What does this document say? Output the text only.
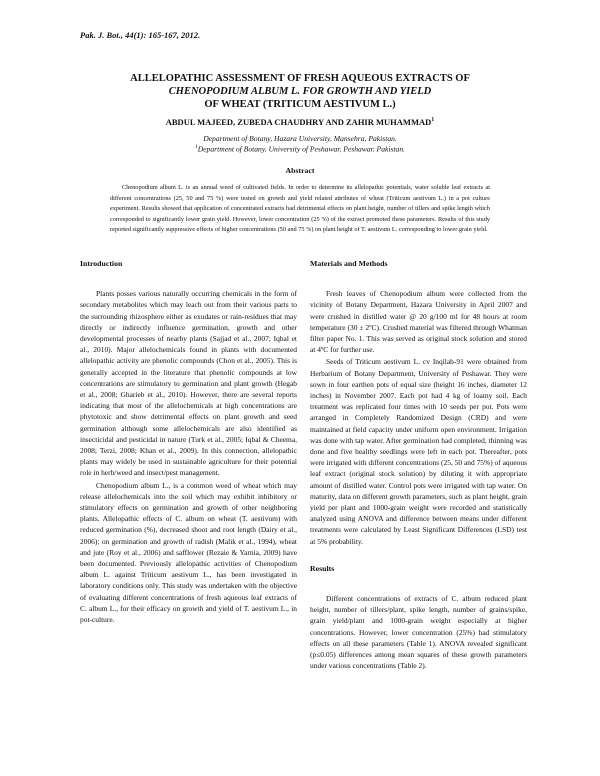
Pak. J. Bot., 44(1): 165-167, 2012.
ALLELOPATHIC ASSESSMENT OF FRESH AQUEOUS EXTRACTS OF
CHENOPODIUM ALBUM L. FOR GROWTH AND YIELD
OF WHEAT (TRITICUM AESTIVUM L.)
ABDUL MAJEED, ZUBEDA CHAUDHRY AND ZAHIR MUHAMMAD$^1$
Department of Botany, Hazara University, Mansehra, Pakistan.
$^1$Department of Botany, University of Peshawar, Peshawar, Pakistan.
Abstract
Chenopodium album L. is an annual weed of cultivated fields. In order to determine its allelopathic potentials, water soluble leaf extracts at different concentrations (25, 50 and 75 %) were tested on growth and yield related attributes of wheat (Triticum aestivum L.) in a pot culture experiment. Results showed that application of concentrated extracts had detrimental effects on plant height, number of tillers and spike length which corresponded to significantly lower grain yield. However, lower concentration (25 %) of the extract promoted these parameters. Results of this study reported significantly suppressive effects of higher concentrations (50 and 75 %) on plant height of T. aestivum L. corresponding to lower grain yield.
Introduction

Plants posses various naturally occurring chemicals in the form of secondary metabolites which may leach out from their various parts to the surrounding rhizosphere either as exudates or rain-residues that may directly or indirectly influence germination, growth and other developmental processes of nearby plants (Sajjad et al., 2007; Iqbal et al., 2010). Major allelochemicals found in plants with documented allelopathic activity are phenolic compounds (Chon et al., 2005). This is generally accepted in the literature that phenolic compounds at low concentrations are stimulatory to germination and plant growth (Hegab et al., 2008; Gharieb et al., 2010). However, there are several reports indicating that most of the allelochemicals at high concentrations are phytotoxic and show detrimental effects on plant growth and seed germination although some allelochemicals are also identified as insecticidal and pesticidal in nature (Turk et al., 2005; Iqbal & Cheema, 2008; Terzi, 2008; Khan et al., 2009). In this connection, allelopathic plants may widely be used in sustainable agriculture for their potential role in herb/weed and insect/pest management.

Chenopodium album L., is a common weed of wheat which may release allelochemicals into the soil which may exhibit inhibitory or stimulatory effects on germination and growth of other neighboring plants. Allelopathic effects of C. album on wheat (T. aestivum) with reduced germination (%), decreased shoot and root length (Dairy et al., 2006); on germination and growth of radish (Malik et al., 1994), wheat and jute (Roy et al., 2006) and safflower (Rezaie & Yarnia, 2009) have been documented. Previously allelopathic activities of Chenopodium album L. against Triticum aestivum L., has been investigated in laboratory conditions only. This study was undertaken with the objective of evaluating different concentrations of fresh aqueous leaf extracts of C. album L., for their efficacy on growth and yield of T. aestivum L., in pot-culture.

Materials and Methods

Fresh leaves of Chenopodium album were collected from the vicinity of Botany Department, Hazara University in April 2007 and were crushed in distilled water @ 20 g/100 ml for 48 hours at room temperature (30 ± 2ºC). Crushed material was filtered through Whatman filter paper No. 1. This was served as original stock solution and stored at 4ºC for further use.

Seeds of Triticum aestivum L. cv Inqilab-91 were obtained from Herbarium of Botany Department, University of Peshawar. They were sown in four earthen pots of equal size (height 16 inches, diameter 12 inches) in November 2007. Each pot had 4 kg of loamy soil. Each treatment was replicated four times with 10 seeds per pot. Pots were arranged in Completely Randomized Design (CRD) and were maintained at field capacity under uniform open environment. Irrigation was done with tap water. After germination had completed, thinning was done and five healthy seedlings were left in each pot. Thereafter, pots were irrigated with different concentrations (25, 50 and 75%) of aqueous leaf extract (original stock solution) by diluting it with appropriate amount of distilled water. Control pots were irrigated with tap water. On maturity, data on different growth parameters, such as plant height, grain yield per plant and 1000-grain weight were recorded and statistically analyzed using ANOVA and difference between means under different treatments were calculated by Least Significant Differences (LSD) test at 5% probability.

Results

Different concentrations of extracts of C. album reduced plant height, number of tillers/plant, spike length, number of grains/spike, grain yield/plant and 1000-grain weight especially at higher concentrations. However, lower concentration (25%) had stimulatory effects on all these parameters (Table 1). ANOVA revealed significant (p≤0.05) differences among mean squares of these growth parameters under various concentrations (Table 2).
